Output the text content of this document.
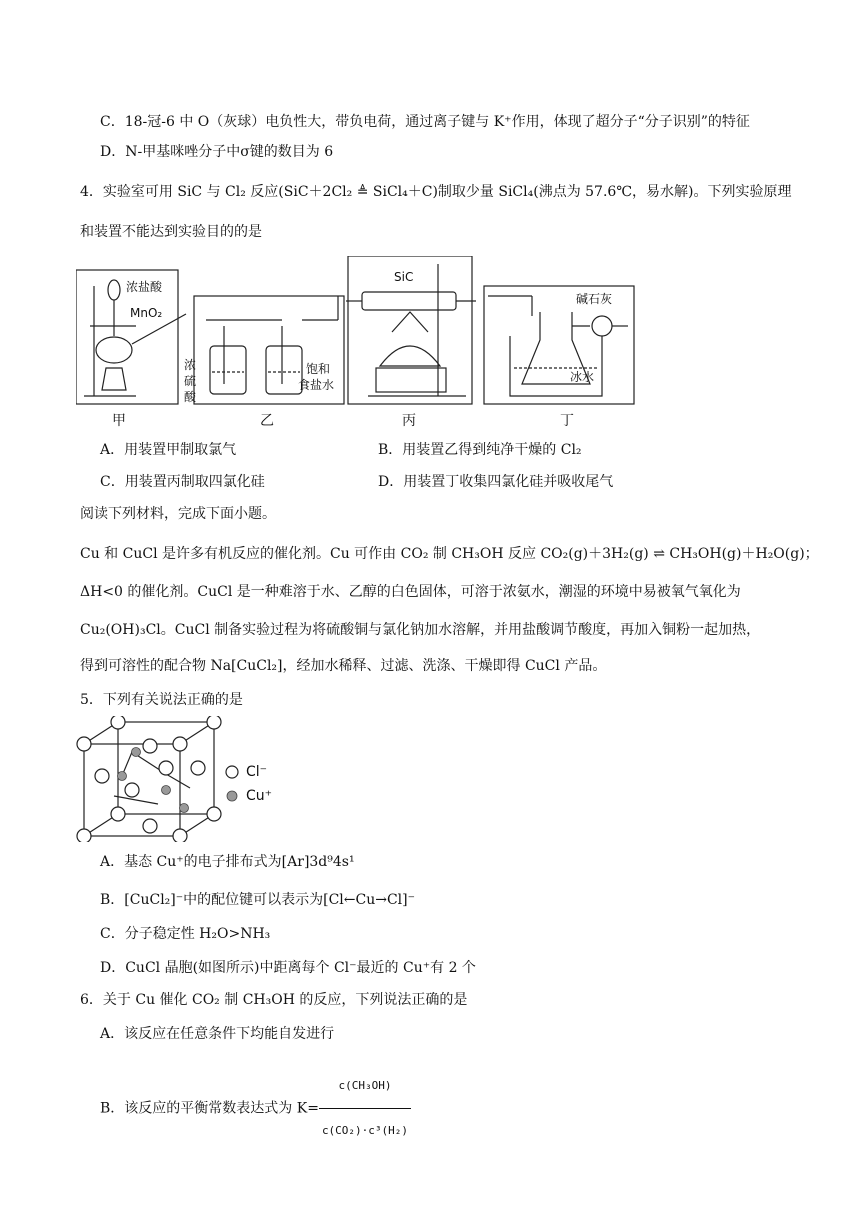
C．18-冠-6 中 O（灰球）电负性大，带负电荷，通过离子键与 K⁺作用，体现了超分子“分子识别”的特征
D．N-甲基咪唑分子中σ键的数目为 6
4．实验室可用 SiC 与 Cl₂ 反应(SiC＋2Cl₂ ≜ SiCl₄＋C)制取少量 SiCl₄(沸点为 57.6℃，易水解)。下列实验原理
和装置不能达到实验目的的是
浓盐酸
MnO₂
浓
硫
酸
饱和
食盐水
SiC
碱石灰
冰水
甲	乙	丙	丁
A．用装置甲制取氯气	B．用装置乙得到纯净干燥的 Cl₂
C．用装置丙制取四氯化硅	D．用装置丁收集四氯化硅并吸收尾气
阅读下列材料，完成下面小题。
Cu 和 CuCl 是许多有机反应的催化剂。Cu 可作由 CO₂ 制 CH₃OH 反应 CO₂(g)＋3H₂(g) ⇌ CH₃OH(g)＋H₂O(g)；
ΔH<0 的催化剂。CuCl 是一种难溶于水、乙醇的白色固体，可溶于浓氨水，潮湿的环境中易被氧气氧化为
Cu₂(OH)₃Cl。CuCl 制备实验过程为将硫酸铜与氯化钠加水溶解，并用盐酸调节酸度，再加入铜粉一起加热，
得到可溶性的配合物 Na[CuCl₂]，经加水稀释、过滤、洗涤、干燥即得 CuCl 产品。
5．下列有关说法正确的是
Cl⁻
Cu⁺
A．基态 Cu⁺的电子排布式为[Ar]3d⁹4s¹
B．[CuCl₂]⁻中的配位键可以表示为[Cl←Cu→Cl]⁻
C．分子稳定性 H₂O>NH₃
D．CuCl 晶胞(如图所示)中距离每个 Cl⁻最近的 Cu⁺有 2 个
6．关于 Cu 催化 CO₂ 制 CH₃OH 的反应，下列说法正确的是
A．该反应在任意条件下均能自发进行
B．该反应的平衡常数表达式为 $K= \frac{\text{c(CH₃OH)}}{\text{c(CO₂)·c³(H₂)}}$
